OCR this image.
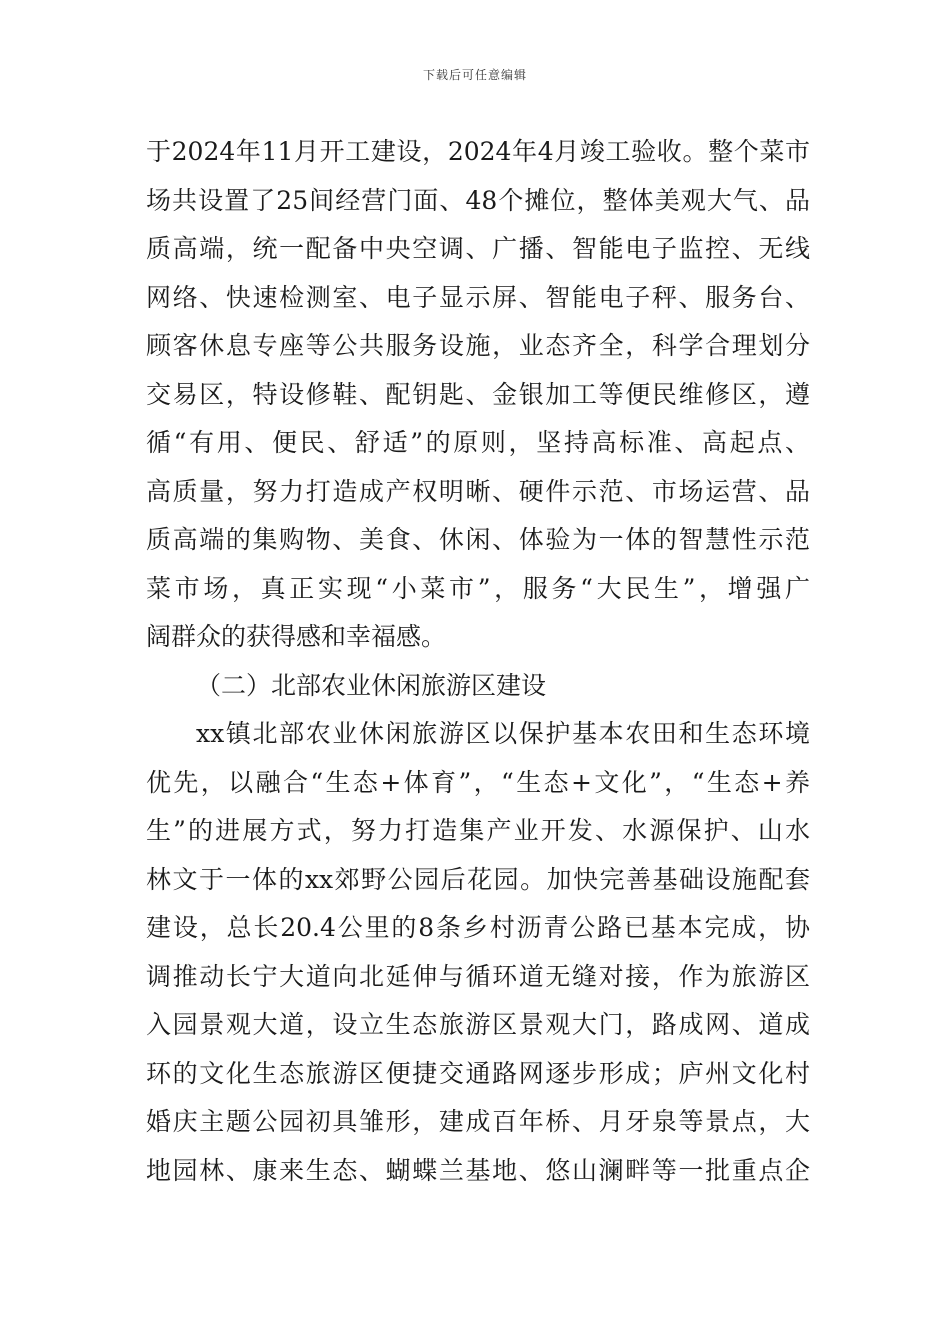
下载后可任意编辑
于2024年11月开工建设，2024年4月竣工验收。整个菜市
场共设置了25间经营门面、48个摊位，整体美观大气、品
质高端，统一配备中央空调、广播、智能电子监控、无线
网络、快速检测室、电子显示屏、智能电子秤、服务台、
顾客休息专座等公共服务设施，业态齐全，科学合理划分
交易区，特设修鞋、配钥匙、金银加工等便民维修区，遵
循“有用、便民、舒适”的原则，坚持高标准、高起点、
高质量，努力打造成产权明晰、硬件示范、市场运营、品
质高端的集购物、美食、休闲、体验为一体的智慧性示范
菜市场，真正实现“小菜市”，服务“大民生”，增强广
阔群众的获得感和幸福感。
（二）北部农业休闲旅游区建设
xx镇北部农业休闲旅游区以保护基本农田和生态环境
优先，以融合“生态+体育”，“生态+文化”，“生态+养
生”的进展方式，努力打造集产业开发、水源保护、山水
林文于一体的xx郊野公园后花园。加快完善基础设施配套
建设，总长20.4公里的8条乡村沥青公路已基本完成，协
调推动长宁大道向北延伸与循环道无缝对接，作为旅游区
入园景观大道，设立生态旅游区景观大门，路成网、道成
环的文化生态旅游区便捷交通路网逐步形成；庐州文化村
婚庆主题公园初具雏形，建成百年桥、月牙泉等景点，大
地园林、康来生态、蝴蝶兰基地、悠山澜畔等一批重点企
